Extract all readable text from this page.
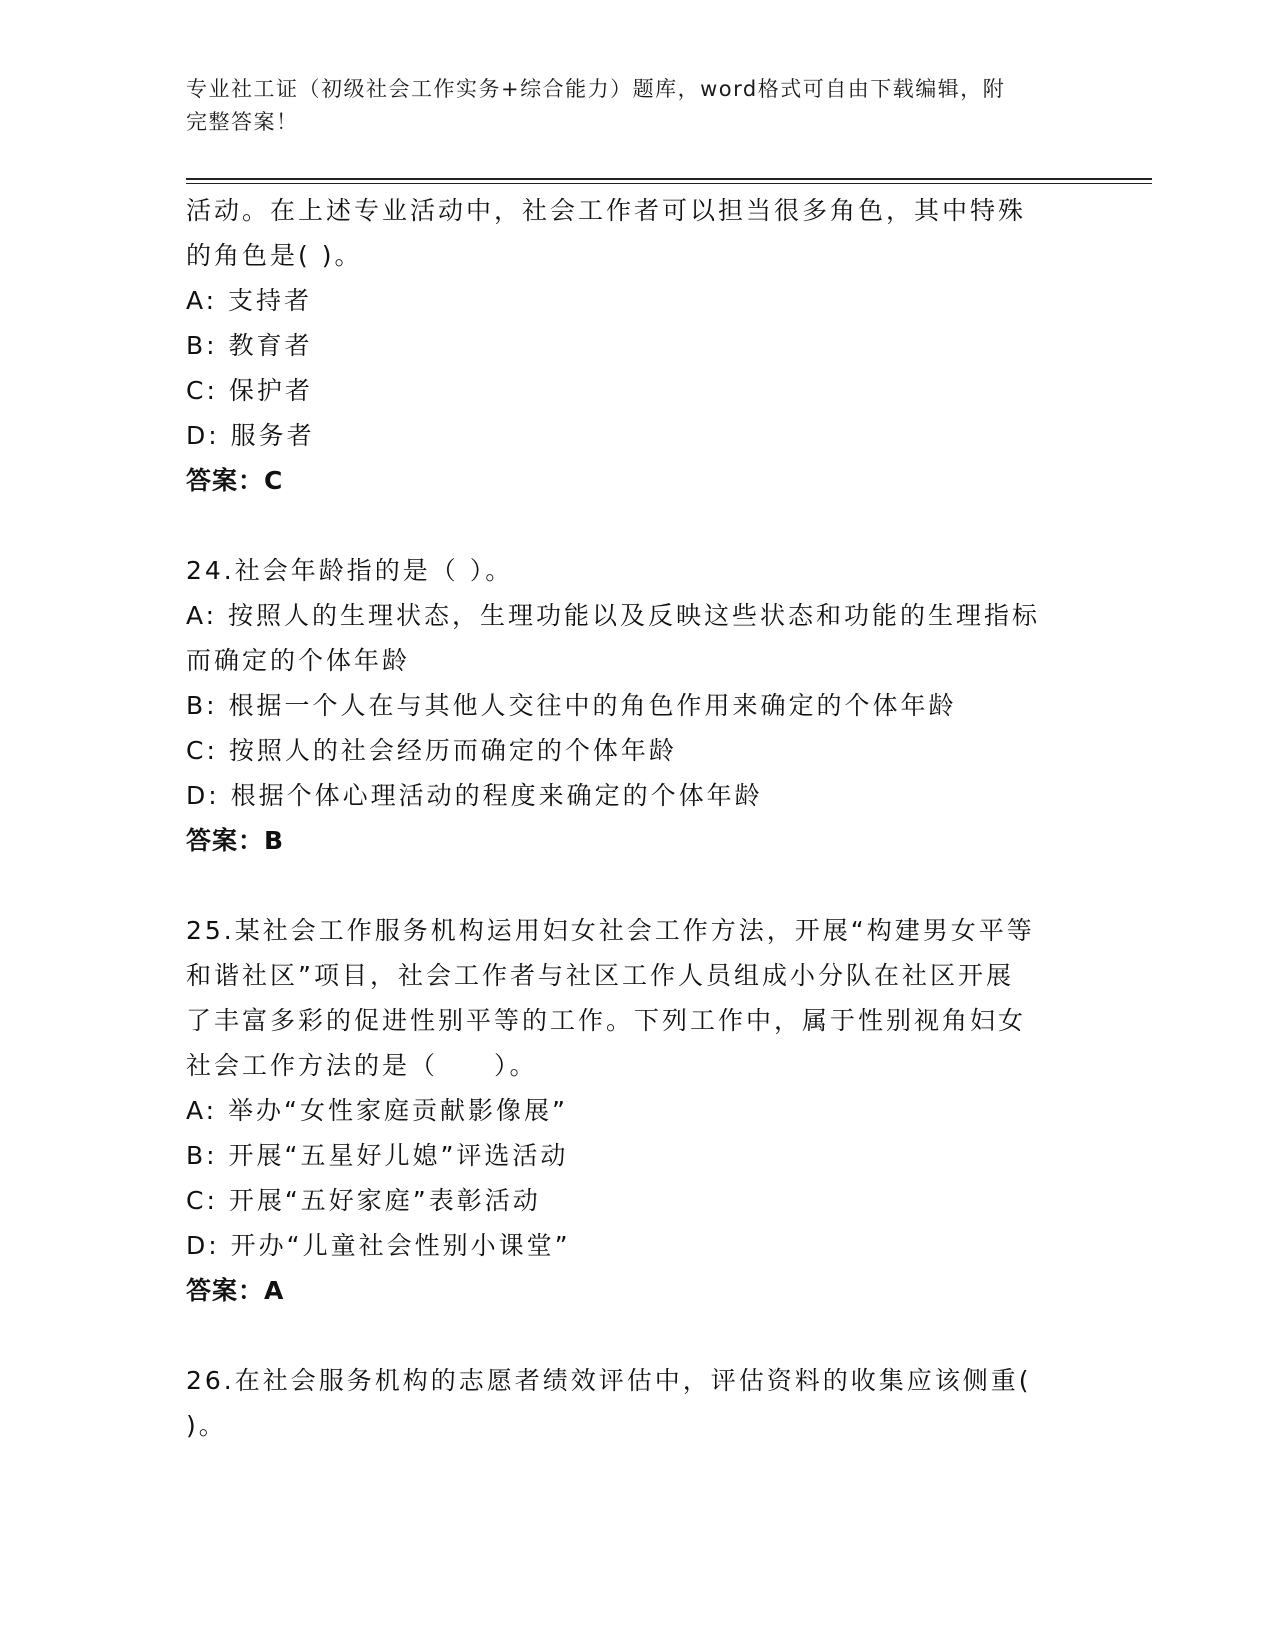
专业社工证（初级社会工作实务+综合能力）题库，word格式可自由下载编辑，附
完整答案！
活动。在上述专业活动中，社会工作者可以担当很多角色，其中特殊
的角色是( )。
A: 支持者
B: 教育者
C: 保护者
D: 服务者
答案：C
24.社会年龄指的是（ ）。
A: 按照人的生理状态，生理功能以及反映这些状态和功能的生理指标
而确定的个体年龄
B: 根据一个人在与其他人交往中的角色作用来确定的个体年龄
C: 按照人的社会经历而确定的个体年龄
D: 根据个体心理活动的程度来确定的个体年龄
答案：B
25.某社会工作服务机构运用妇女社会工作方法，开展“构建男女平等
和谐社区”项目，社会工作者与社区工作人员组成小分队在社区开展
了丰富多彩的促进性别平等的工作。下列工作中，属于性别视角妇女
社会工作方法的是（　　）。
A: 举办“女性家庭贡献影像展”
B: 开展“五星好儿媳”评选活动
C: 开展“五好家庭”表彰活动
D: 开办“儿童社会性别小课堂”
答案：A
26.在社会服务机构的志愿者绩效评估中，评估资料的收集应该侧重(
)。
